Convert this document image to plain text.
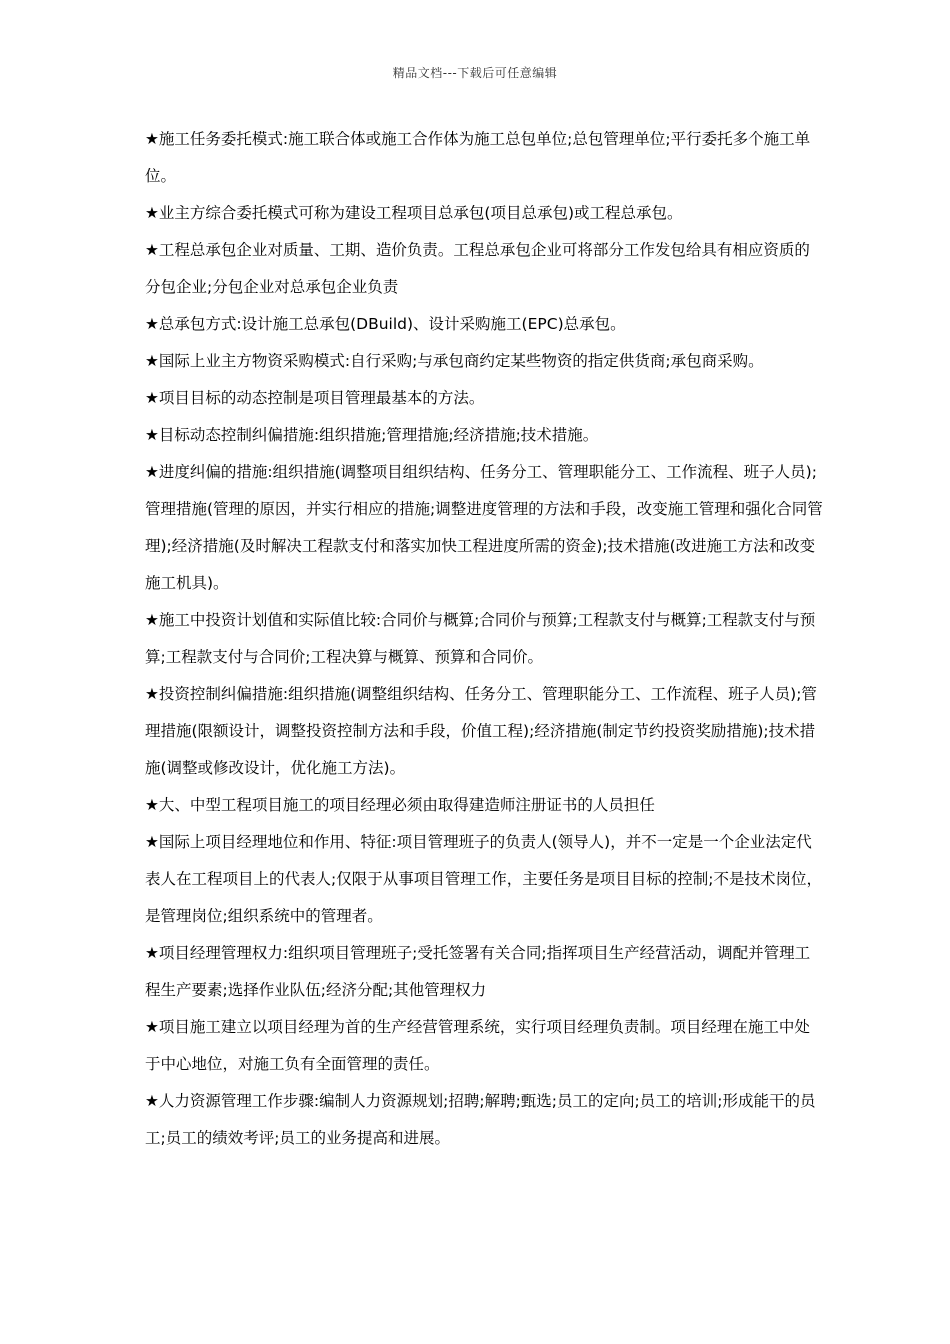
精品文档---下载后可任意编辑

★施工任务委托模式:施工联合体或施工合作体为施工总包单位;总包管理单位;平行委托多个施工单位。

★业主方综合委托模式可称为建设工程项目总承包(项目总承包)或工程总承包。

★工程总承包企业对质量、工期、造价负责。工程总承包企业可将部分工作发包给具有相应资质的分包企业;分包企业对总承包企业负责

★总承包方式:设计施工总承包(DBuild)、设计采购施工(EPC)总承包。

★国际上业主方物资采购模式:自行采购;与承包商约定某些物资的指定供货商;承包商采购。

★项目目标的动态控制是项目管理最基本的方法。

★目标动态控制纠偏措施:组织措施;管理措施;经济措施;技术措施。

★进度纠偏的措施:组织措施(调整项目组织结构、任务分工、管理职能分工、工作流程、班子人员);管理措施(管理的原因，并实行相应的措施;调整进度管理的方法和手段，改变施工管理和强化合同管理);经济措施(及时解决工程款支付和落实加快工程进度所需的资金);技术措施(改进施工方法和改变施工机具)。

★施工中投资计划值和实际值比较:合同价与概算;合同价与预算;工程款支付与概算;工程款支付与预算;工程款支付与合同价;工程决算与概算、预算和合同价。

★投资控制纠偏措施:组织措施(调整组织结构、任务分工、管理职能分工、工作流程、班子人员);管理措施(限额设计，调整投资控制方法和手段，价值工程);经济措施(制定节约投资奖励措施);技术措施(调整或修改设计，优化施工方法)。

★大、中型工程项目施工的项目经理必须由取得建造师注册证书的人员担任

★国际上项目经理地位和作用、特征:项目管理班子的负责人(领导人)，并不一定是一个企业法定代表人在工程项目上的代表人;仅限于从事项目管理工作，主要任务是项目目标的控制;不是技术岗位，是管理岗位;组织系统中的管理者。

★项目经理管理权力:组织项目管理班子;受托签署有关合同;指挥项目生产经营活动，调配并管理工程生产要素;选择作业队伍;经济分配;其他管理权力

★项目施工建立以项目经理为首的生产经营管理系统，实行项目经理负责制。项目经理在施工中处于中心地位，对施工负有全面管理的责任。

★人力资源管理工作步骤:编制人力资源规划;招聘;解聘;甄选;员工的定向;员工的培训;形成能干的员工;员工的绩效考评;员工的业务提高和进展。
